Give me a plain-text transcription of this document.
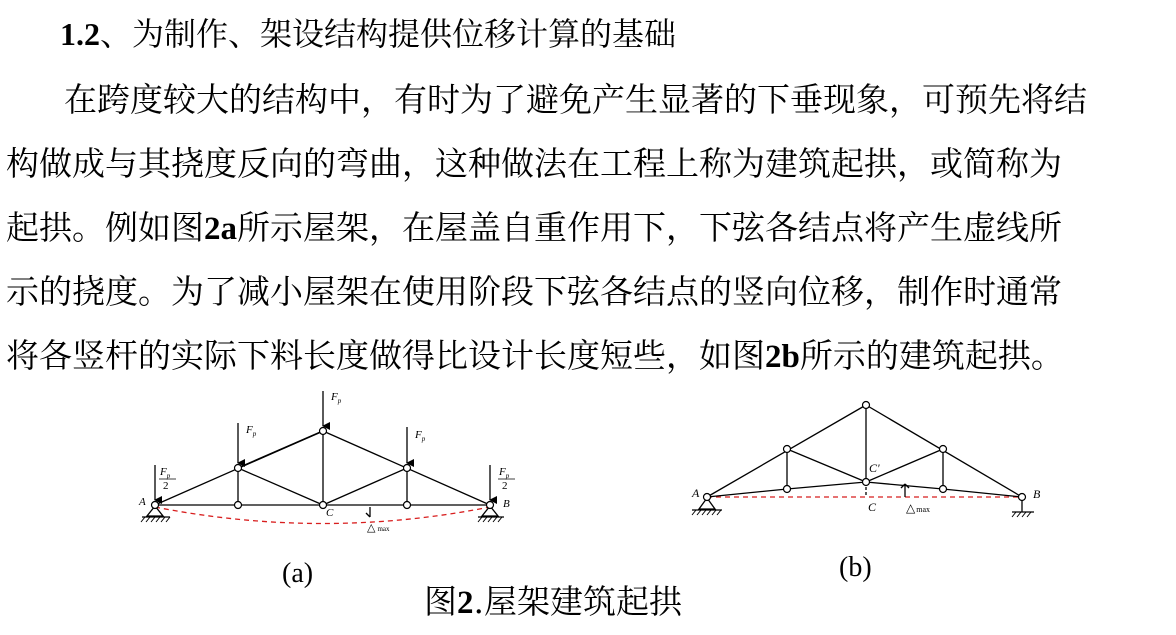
1.2、为制作、架设结构提供位移计算的基础
在跨度较大的结构中，有时为了避免产生显著的下垂现象，可预先将结
构做成与其挠度反向的弯曲，这种做法在工程上称为建筑起拱，或简称为
起拱。例如图2a所示屋架，在屋盖自重作用下，下弦各结点将产生虚线所
示的挠度。为了减小屋架在使用阶段下弦各结点的竖向位移，制作时通常
将各竖杆的实际下料长度做得比设计长度短些，如图2b所示的建筑起拱。
$F_p$
$F_p$
$F_p$
$F_p$
2
$F_p$
2
A	B
C
△ max
A	B
C'
C △max
(a)	(b)
图2.屋架建筑起拱
